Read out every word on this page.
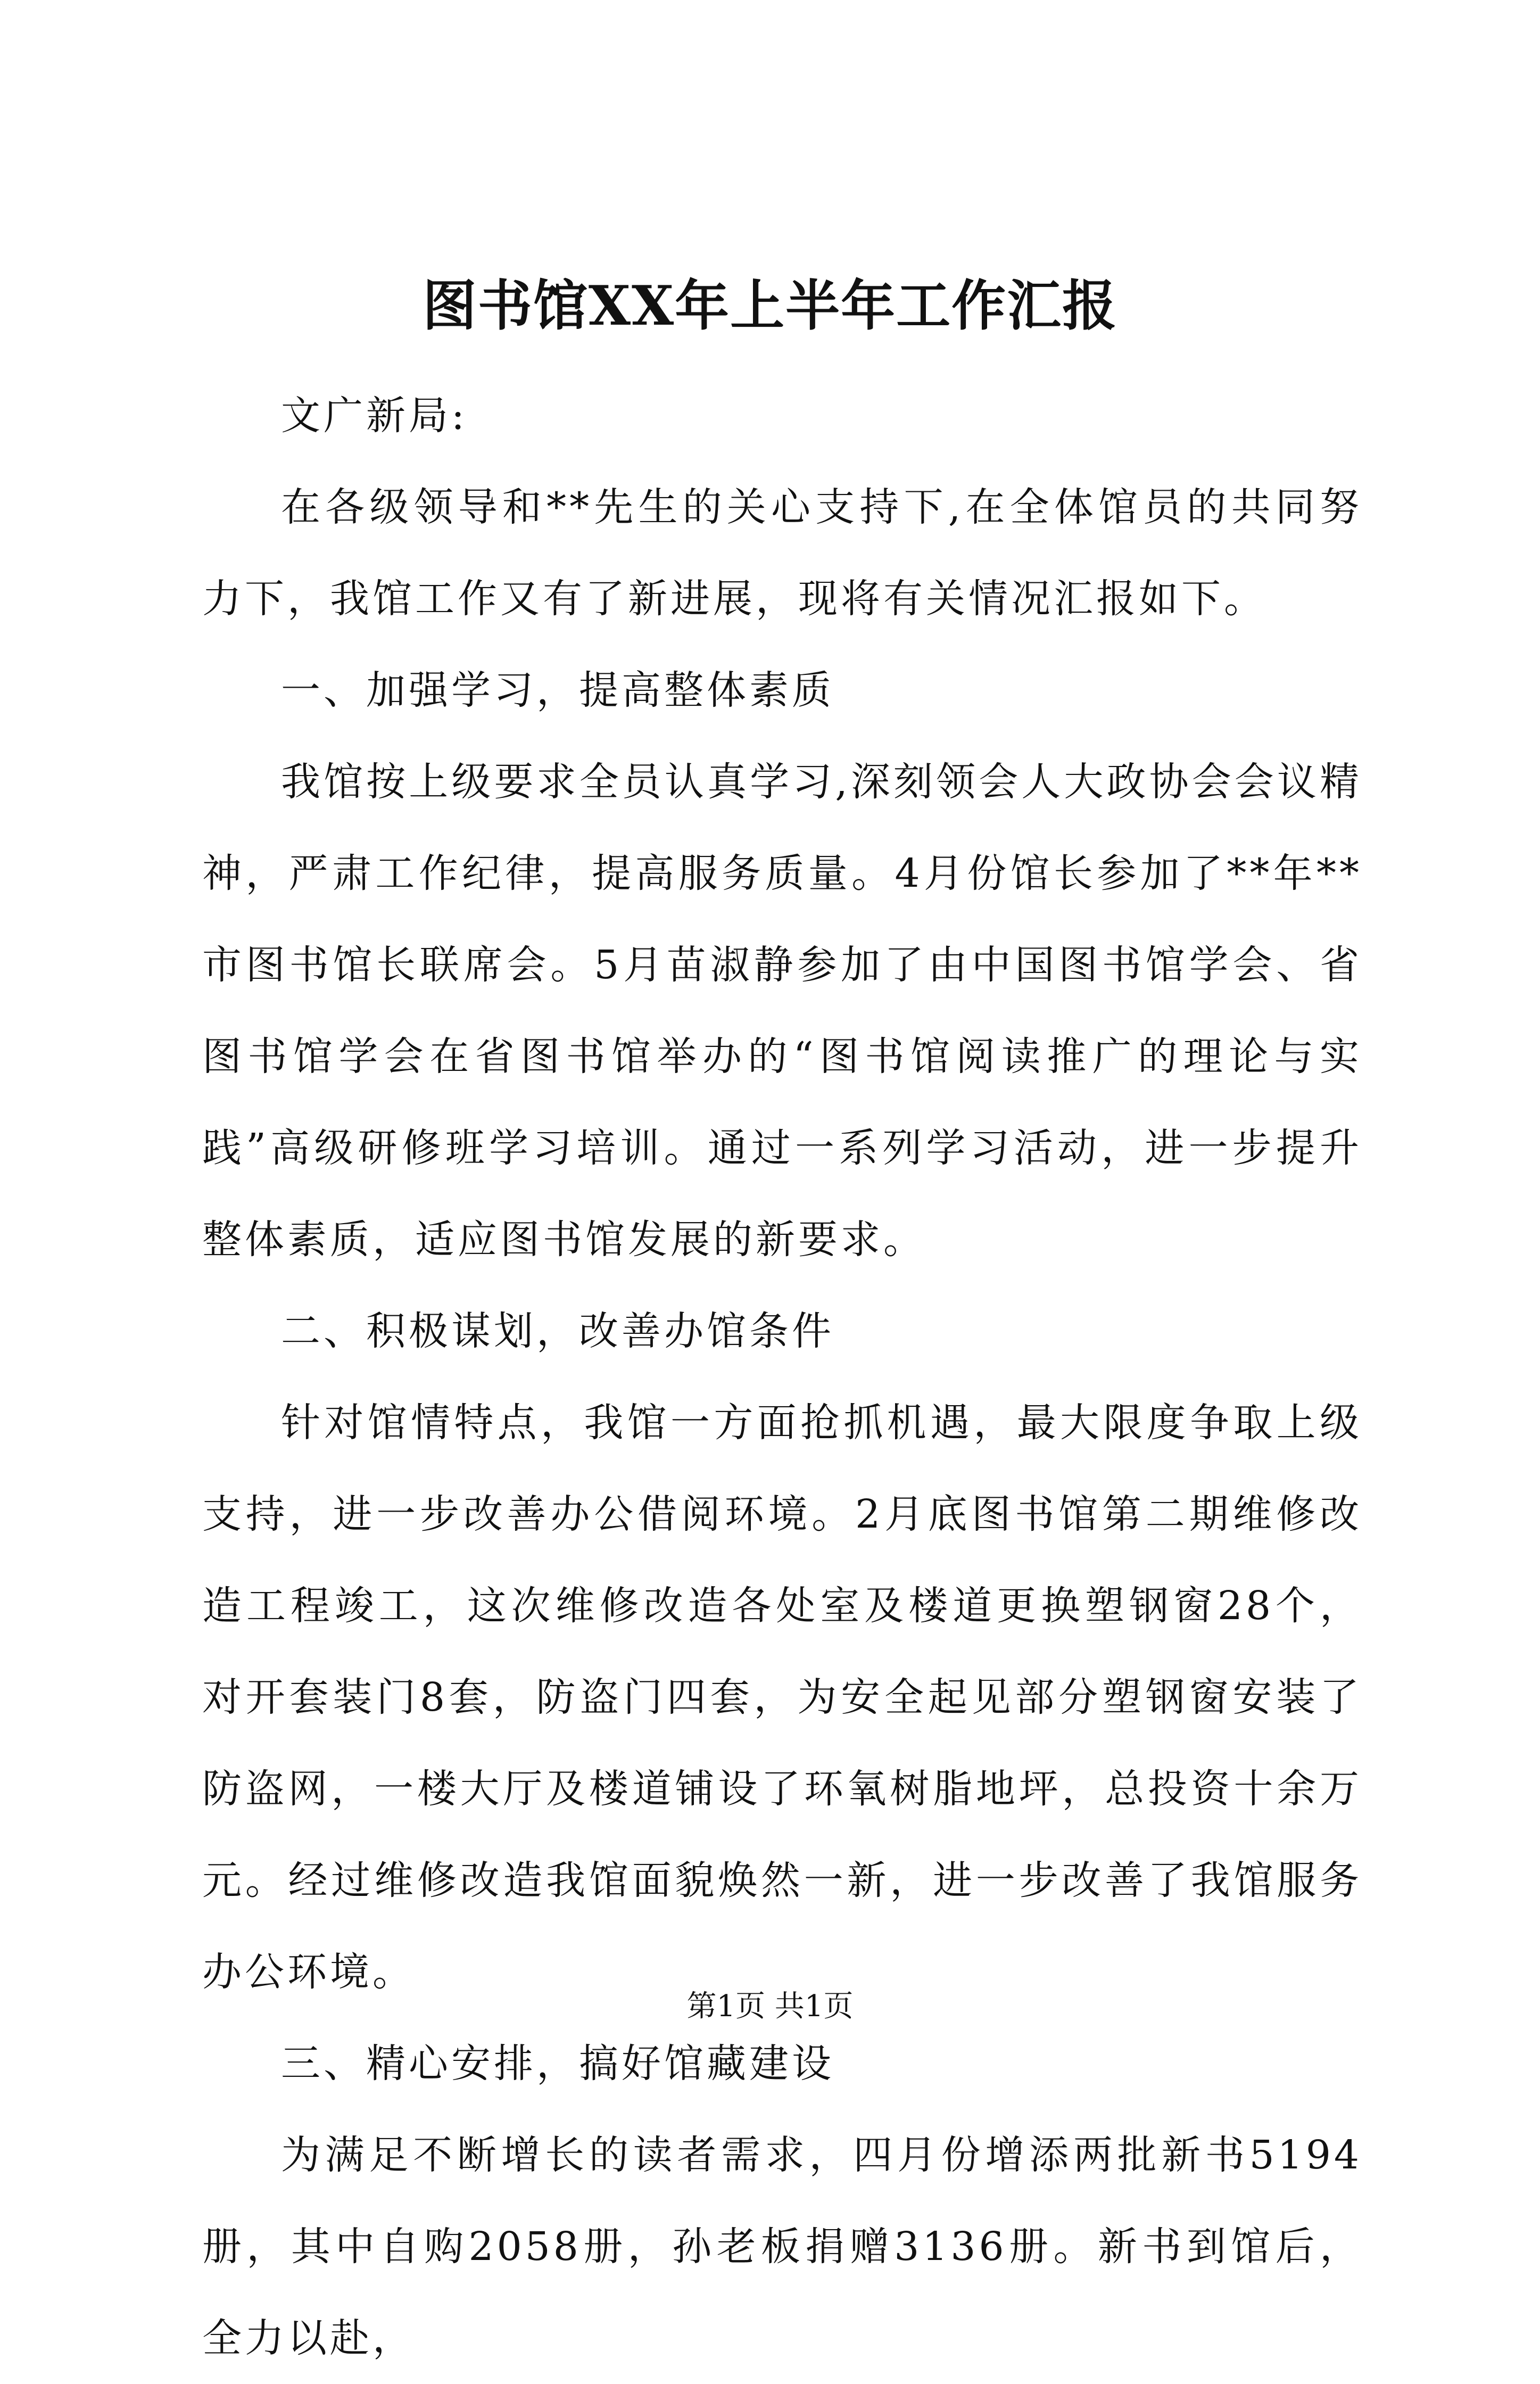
图书馆XX年上半年工作汇报

文广新局:

在各级领导和**先生的关心支持下,在全体馆员的共同努力下，我馆工作又有了新进展，现将有关情况汇报如下。

一、加强学习，提高整体素质

我馆按上级要求全员认真学习,深刻领会人大政协会会议精神，严肃工作纪律，提高服务质量。4月份馆长参加了**年**市图书馆长联席会。5月苗淑静参加了由中国图书馆学会、省图书馆学会在省图书馆举办的“图书馆阅读推广的理论与实践”高级研修班学习培训。通过一系列学习活动，进一步提升整体素质，适应图书馆发展的新要求。

二、积极谋划，改善办馆条件

针对馆情特点，我馆一方面抢抓机遇，最大限度争取上级支持，进一步改善办公借阅环境。2月底图书馆第二期维修改造工程竣工，这次维修改造各处室及楼道更换塑钢窗28个，对开套装门8套，防盗门四套，为安全起见部分塑钢窗安装了防盗网，一楼大厅及楼道铺设了环氧树脂地坪，总投资十余万元。经过维修改造我馆面貌焕然一新，进一步改善了我馆服务办公环境。

三、精心安排，搞好馆藏建设

为满足不断增长的读者需求，四月份增添两批新书5194册，其中自购2058册，孙老板捐赠3136册。新书到馆后，全力以赴，

第1页 共1页
